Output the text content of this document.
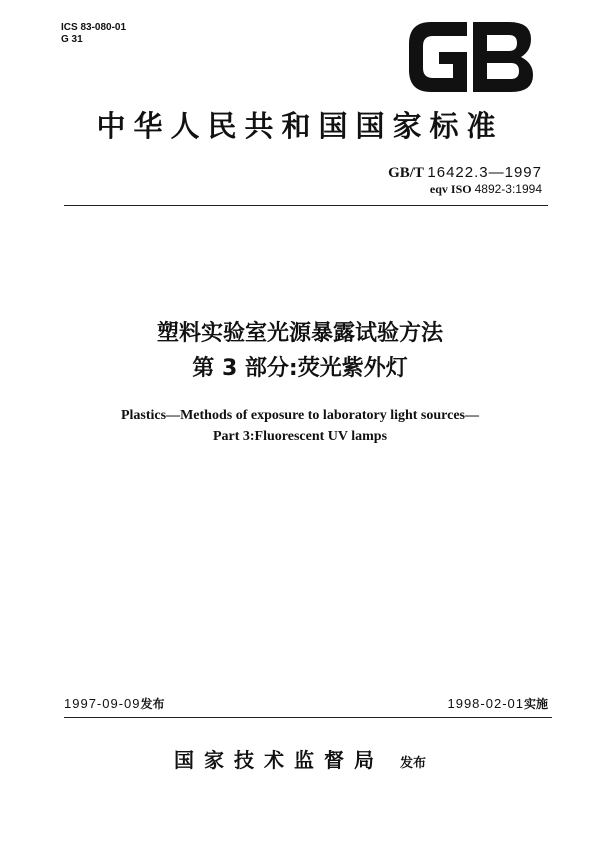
ICS 83-080-01
G 31
中华人民共和国国家标准
GB/T 16422.3—1997
eqv ISO 4892-3:1994
塑料实验室光源暴露试验方法
第 3 部分:荧光紫外灯
Plastics—Methods of exposure to laboratory light sources—
Part 3:Fluorescent UV lamps
1997-09-09发布	1998-02-01实施
国家技术监督局 发布
